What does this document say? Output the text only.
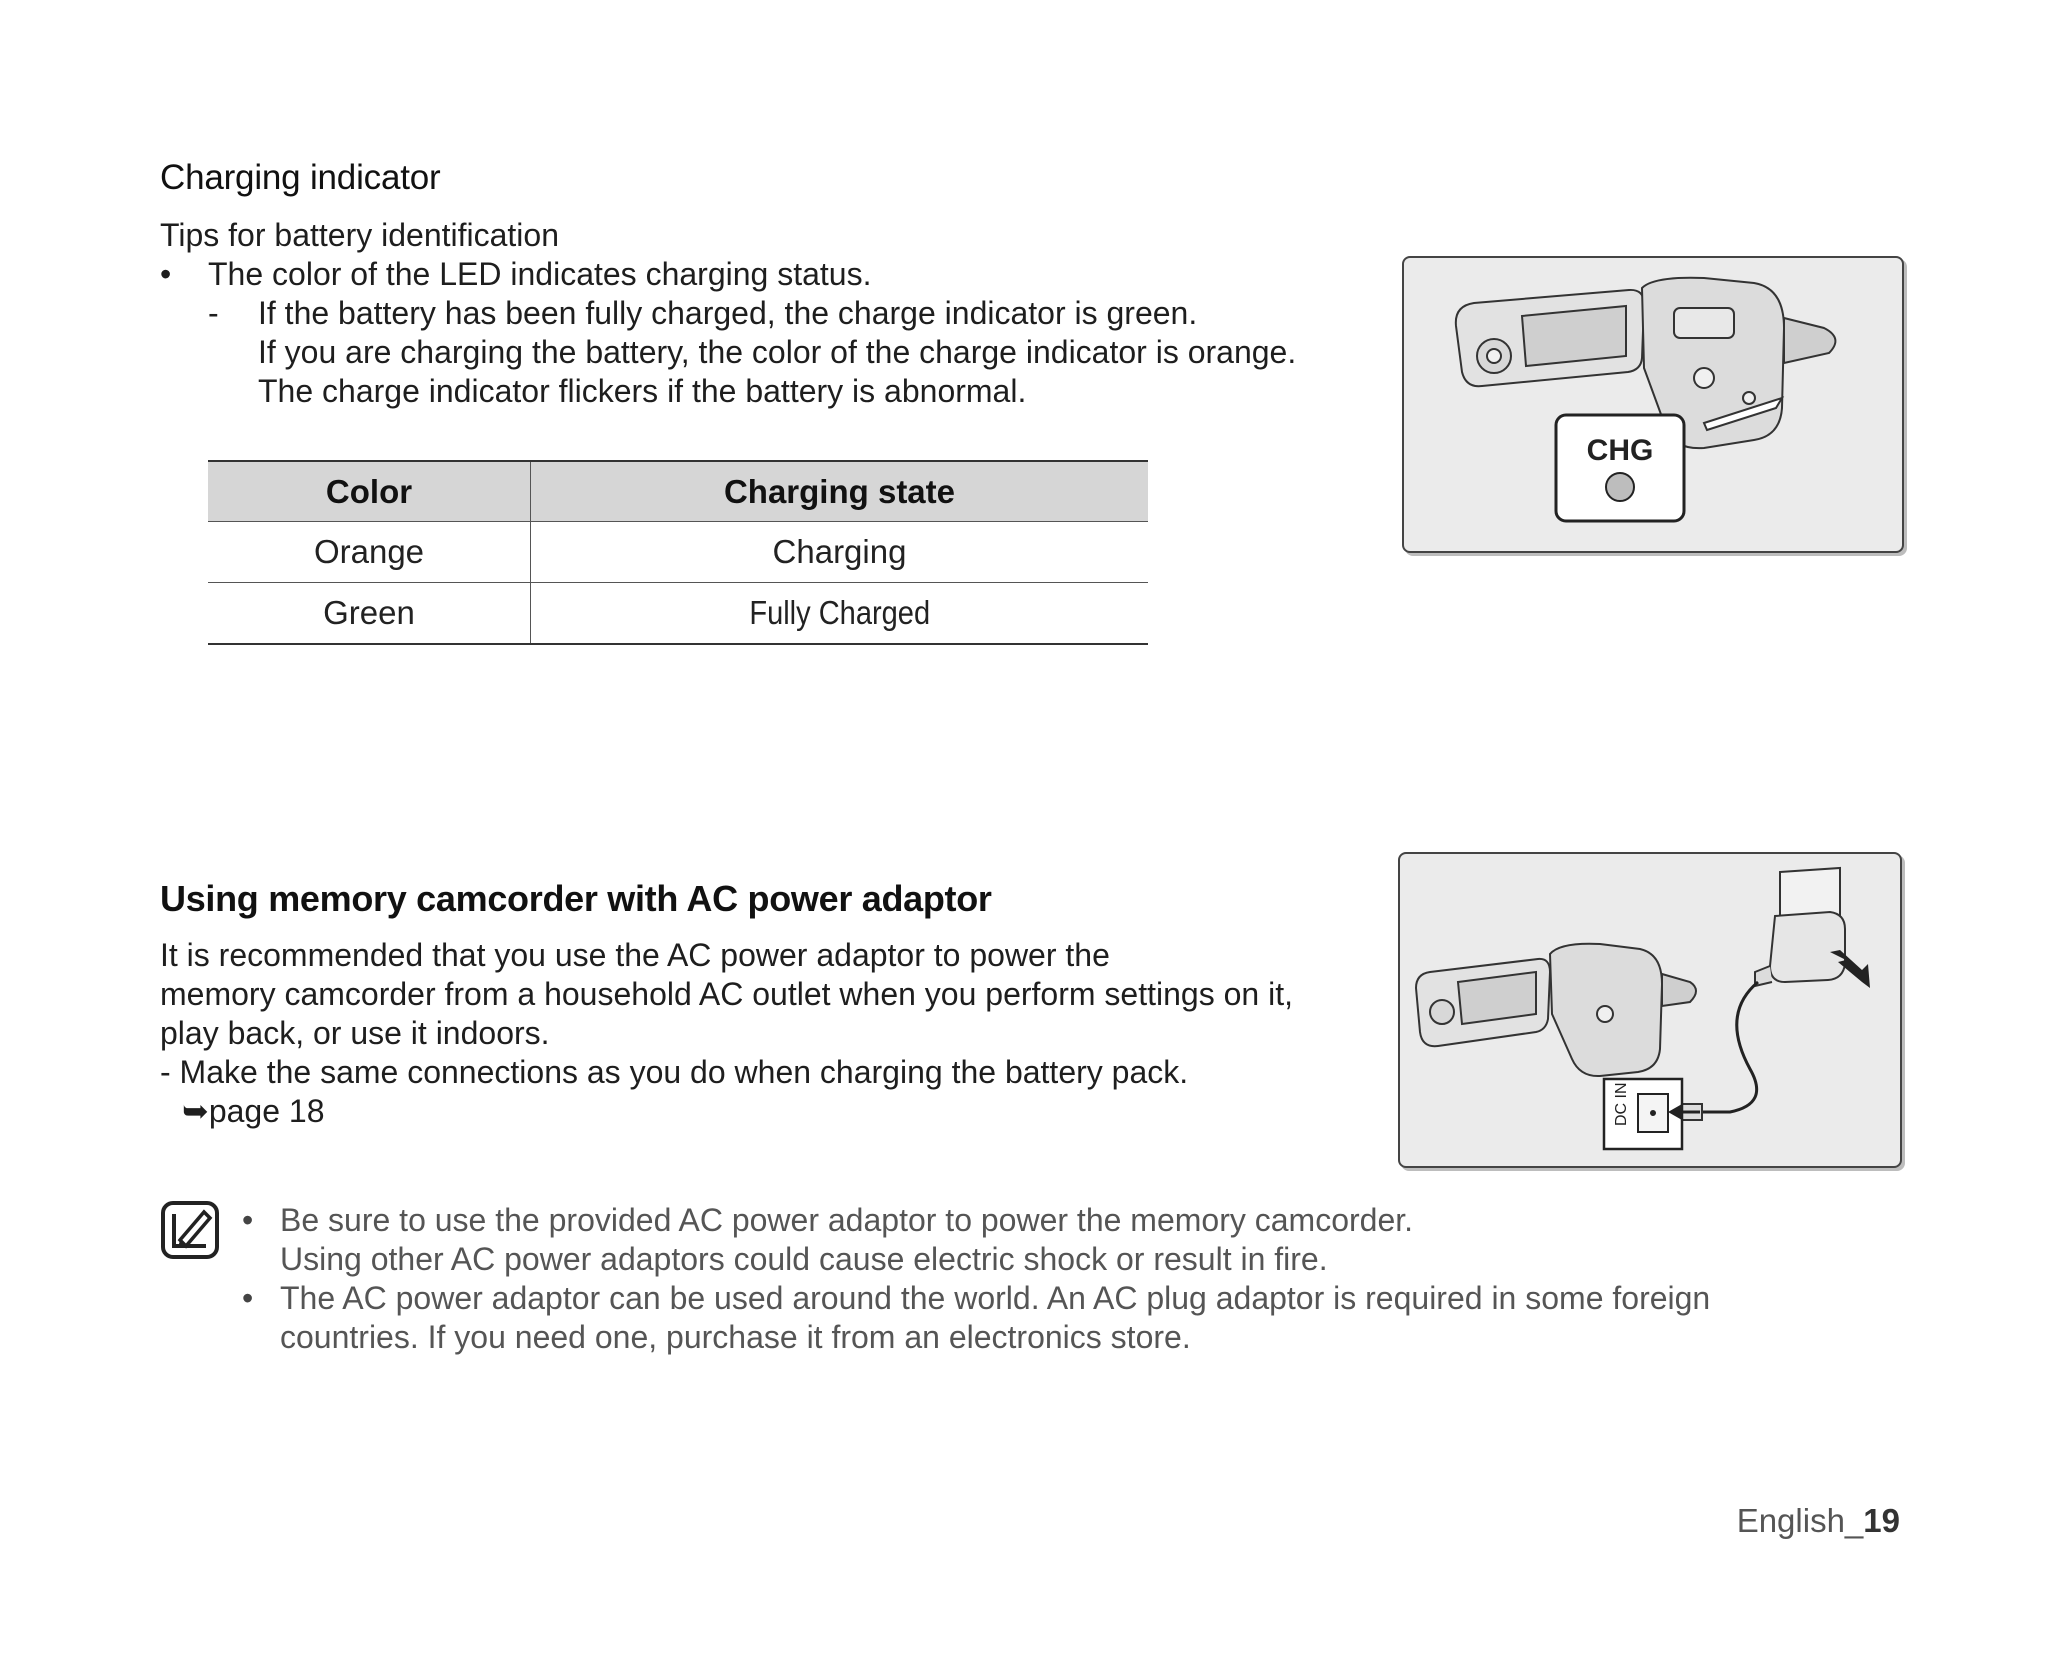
Charging indicator
Tips for battery identification
• The color of the LED indicates charging status.
- If the battery has been fully charged, the charge indicator is green.
If you are charging the battery, the color of the charge indicator is orange.
The charge indicator flickers if the battery is abnormal.
Color	Charging state
Orange	Charging
Green	Fully Charged
CHG
Using memory camcorder with AC power adaptor
It is recommended that you use the AC power adaptor to power the
memory camcorder from a household AC outlet when you perform settings on it,
play back, or use it indoors.
- Make the same connections as you do when charging the battery pack.
➥page 18	DC IN
• Be sure to use the provided AC power adaptor to power the memory camcorder.
Using other AC power adaptors could cause electric shock or result in fire.
• The AC power adaptor can be used around the world. An AC plug adaptor is required in some foreign
countries. If you need one, purchase it from an electronics store.
English_19
